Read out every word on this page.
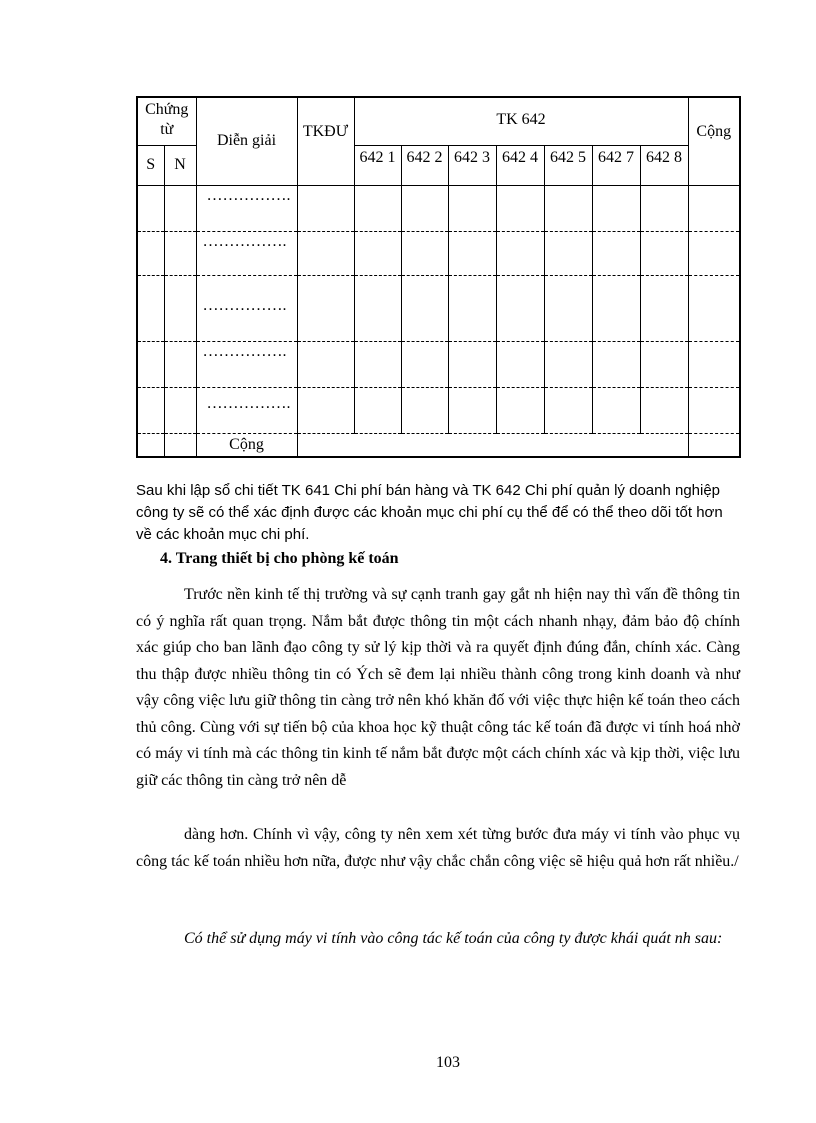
Chứng từ		Diễn giải	TKĐƯ	TK 642							Cộng
S	N			642 1	642 2	642 3	642 4	642 5	642 7	642 8	
		…………….									
		…………….									
		…………….									
		…………….									
		…………….									
		Cộng									

Sau khi lập sổ chi tiết TK 641 Chi phí bán hàng và TK 642 Chi phí quản lý doanh nghiệp công ty sẽ có thể xác định được các khoản mục chi phí cụ thể để có thể theo dõi tốt hơn về các khoản mục chi phí.

4. Trang thiết bị cho phòng kế toán

Trước nền kinh tế thị trường và sự cạnh tranh gay gắt nh hiện nay thì vấn đề thông tin có ý nghĩa rất quan trọng. Nắm bắt được thông tin một cách nhanh nhạy, đảm bảo độ chính xác giúp cho ban lãnh đạo công ty sử lý kịp thời và ra quyết định đúng đắn, chính xác. Càng thu thập được nhiều thông tin có Ých sẽ đem lại nhiều thành công trong kinh doanh và như vậy công việc lưu giữ thông tin càng trở nên khó khăn đố với việc thực hiện kế toán theo cách thủ công. Cùng với sự tiến bộ của khoa học kỹ thuật công tác kế toán đã được vi tính hoá nhờ có máy vi tính mà các thông tin kinh tế nắm bắt được một cách chính xác và kịp thời, việc lưu giữ các thông tin càng trở nên dễ

dàng hơn. Chính vì vậy, công ty nên xem xét từng bước đưa máy vi tính vào phục vụ công tác kế toán nhiều hơn nữa, được như vậy chắc chắn công việc sẽ hiệu quả hơn rất nhiều./

Có thể sử dụng máy vi tính vào công tác kế toán của công ty được khái quát nh sau:

103
